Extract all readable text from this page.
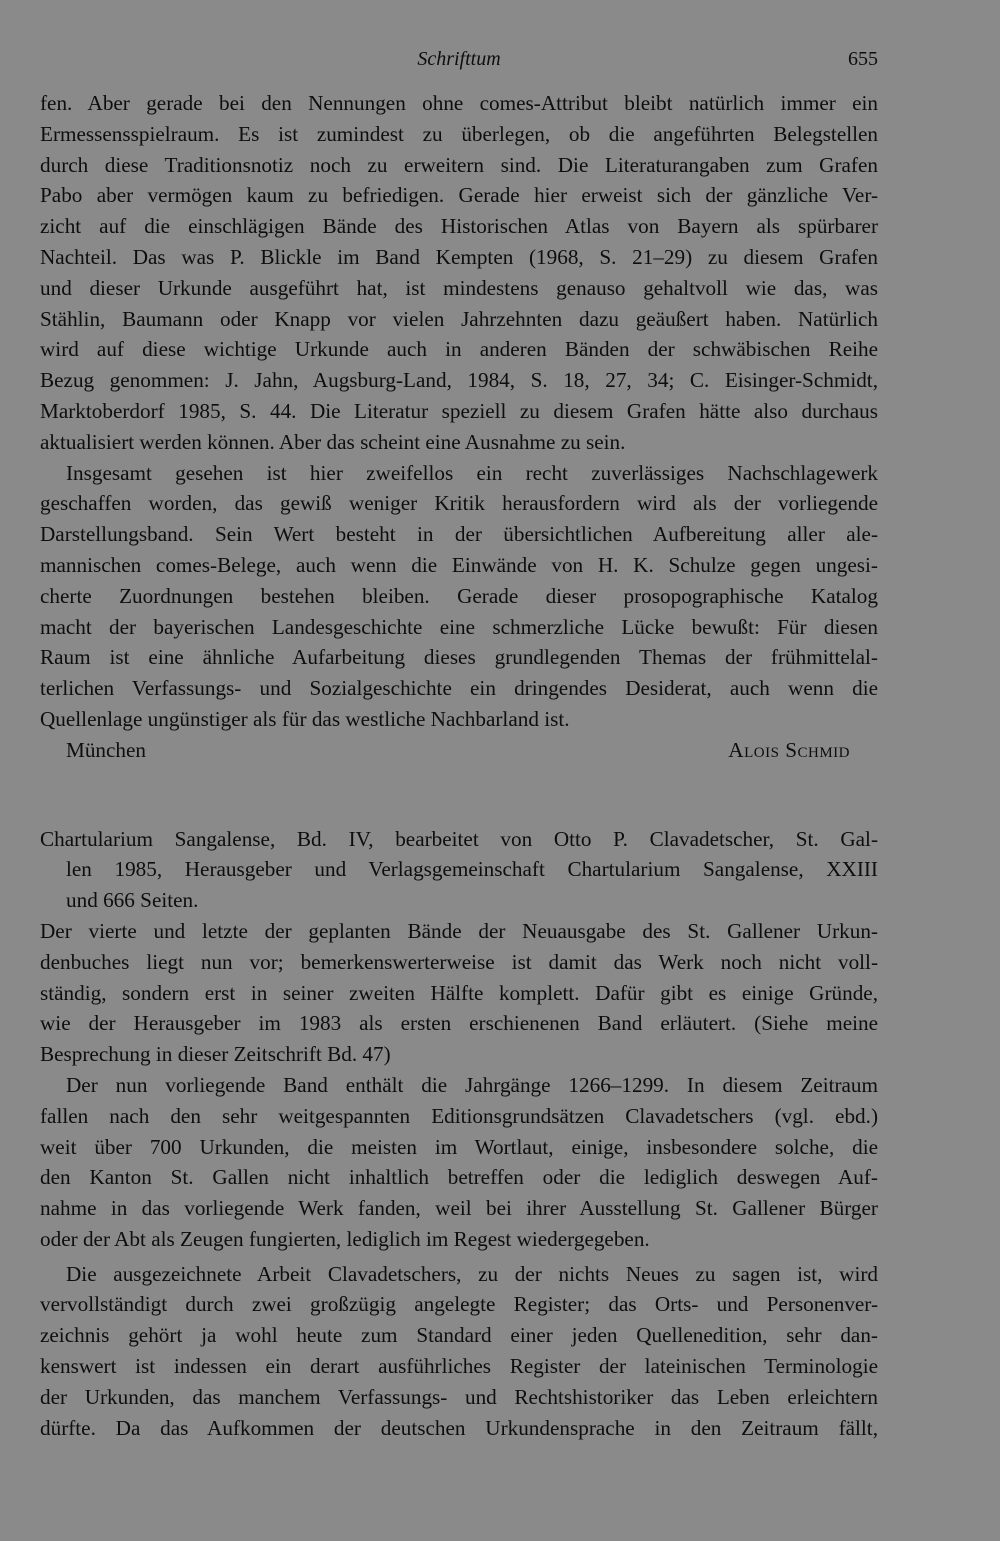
Schrifttum	655
fen. Aber gerade bei den Nennungen ohne comes-Attribut bleibt natürlich immer ein
Ermessensspielraum. Es ist zumindest zu überlegen, ob die angeführten Belegstellen
durch diese Traditionsnotiz noch zu erweitern sind. Die Literaturangaben zum Grafen
Pabo aber vermögen kaum zu befriedigen. Gerade hier erweist sich der gänzliche Ver-
zicht auf die einschlägigen Bände des Historischen Atlas von Bayern als spürbarer
Nachteil. Das was P. Blickle im Band Kempten (1968, S. 21–29) zu diesem Grafen
und dieser Urkunde ausgeführt hat, ist mindestens genauso gehaltvoll wie das, was
Stählin, Baumann oder Knapp vor vielen Jahrzehnten dazu geäußert haben. Natürlich
wird auf diese wichtige Urkunde auch in anderen Bänden der schwäbischen Reihe
Bezug genommen: J. Jahn, Augsburg-Land, 1984, S. 18, 27, 34; C. Eisinger-Schmidt,
Marktoberdorf 1985, S. 44. Die Literatur speziell zu diesem Grafen hätte also durchaus
aktualisiert werden können. Aber das scheint eine Ausnahme zu sein.
Insgesamt gesehen ist hier zweifellos ein recht zuverlässiges Nachschlagewerk
geschaffen worden, das gewiß weniger Kritik herausfordern wird als der vorliegende
Darstellungsband. Sein Wert besteht in der übersichtlichen Aufbereitung aller ale-
mannischen comes-Belege, auch wenn die Einwände von H. K. Schulze gegen ungesi-
cherte Zuordnungen bestehen bleiben. Gerade dieser prosopographische Katalog
macht der bayerischen Landesgeschichte eine schmerzliche Lücke bewußt: Für diesen
Raum ist eine ähnliche Aufarbeitung dieses grundlegenden Themas der frühmittelal-
terlichen Verfassungs- und Sozialgeschichte ein dringendes Desiderat, auch wenn die
Quellenlage ungünstiger als für das westliche Nachbarland ist.
München	Alois Schmid
Chartularium Sangalense, Bd. IV, bearbeitet von Otto P. Clavadetscher, St. Gal-
len 1985, Herausgeber und Verlagsgemeinschaft Chartularium Sangalense, XXIII
und 666 Seiten.
Der vierte und letzte der geplanten Bände der Neuausgabe des St. Gallener Urkun-
denbuches liegt nun vor; bemerkenswerterweise ist damit das Werk noch nicht voll-
ständig, sondern erst in seiner zweiten Hälfte komplett. Dafür gibt es einige Gründe,
wie der Herausgeber im 1983 als ersten erschienenen Band erläutert. (Siehe meine
Besprechung in dieser Zeitschrift Bd. 47)
Der nun vorliegende Band enthält die Jahrgänge 1266–1299. In diesem Zeitraum
fallen nach den sehr weitgespannten Editionsgrundsätzen Clavadetschers (vgl. ebd.)
weit über 700 Urkunden, die meisten im Wortlaut, einige, insbesondere solche, die
den Kanton St. Gallen nicht inhaltlich betreffen oder die lediglich deswegen Auf-
nahme in das vorliegende Werk fanden, weil bei ihrer Ausstellung St. Gallener Bürger
oder der Abt als Zeugen fungierten, lediglich im Regest wiedergegeben.
Die ausgezeichnete Arbeit Clavadetschers, zu der nichts Neues zu sagen ist, wird
vervollständigt durch zwei großzügig angelegte Register; das Orts- und Personenver-
zeichnis gehört ja wohl heute zum Standard einer jeden Quellenedition, sehr dan-
kenswert ist indessen ein derart ausführliches Register der lateinischen Terminologie
der Urkunden, das manchem Verfassungs- und Rechtshistoriker das Leben erleichtern
dürfte. Da das Aufkommen der deutschen Urkundensprache in den Zeitraum fällt,
